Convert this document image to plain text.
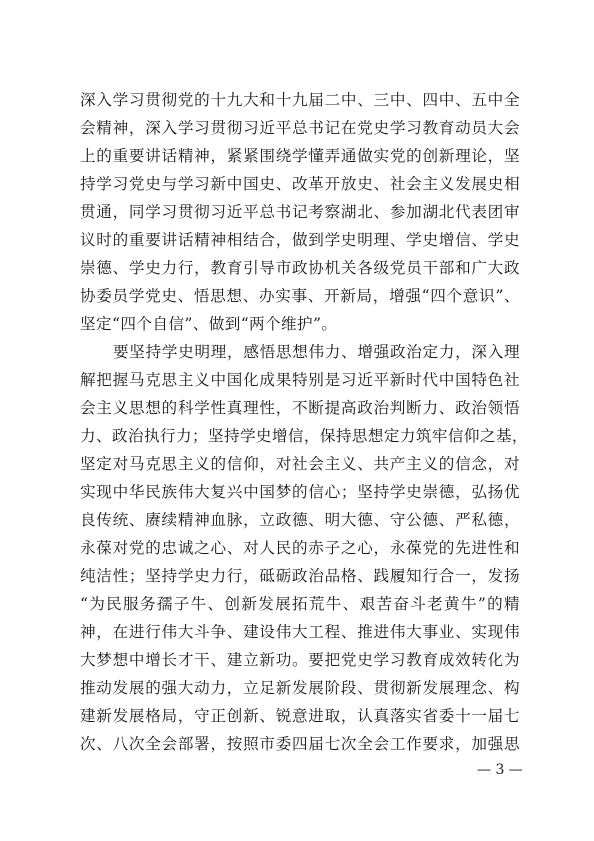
深入学习贯彻党的十九大和十九届二中、三中、四中、五中全
会精神，深入学习贯彻习近平总书记在党史学习教育动员大会
上的重要讲话精神，紧紧围绕学懂弄通做实党的创新理论，坚
持学习党史与学习新中国史、改革开放史、社会主义发展史相
贯通，同学习贯彻习近平总书记考察湖北、参加湖北代表团审
议时的重要讲话精神相结合，做到学史明理、学史增信、学史
崇德、学史力行，教育引导市政协机关各级党员干部和广大政
协委员学党史、悟思想、办实事、开新局，增强“四个意识”、
坚定“四个自信”、做到“两个维护”。
要坚持学史明理，感悟思想伟力、增强政治定力，深入理
解把握马克思主义中国化成果特别是习近平新时代中国特色社
会主义思想的科学性真理性，不断提高政治判断力、政治领悟
力、政治执行力；坚持学史增信，保持思想定力筑牢信仰之基，
坚定对马克思主义的信仰，对社会主义、共产主义的信念，对
实现中华民族伟大复兴中国梦的信心；坚持学史崇德，弘扬优
良传统、赓续精神血脉，立政德、明大德、守公德、严私德，
永葆对党的忠诚之心、对人民的赤子之心，永葆党的先进性和
纯洁性；坚持学史力行，砥砺政治品格、践履知行合一，发扬
“为民服务孺子牛、创新发展拓荒牛、艰苦奋斗老黄牛”的精
神，在进行伟大斗争、建设伟大工程、推进伟大事业、实现伟
大梦想中增长才干、建立新功。要把党史学习教育成效转化为
推动发展的强大动力，立足新发展阶段、贯彻新发展理念、构
建新发展格局，守正创新、锐意进取，认真落实省委十一届七
次、八次全会部署，按照市委四届七次全会工作要求，加强思
— 3 —
